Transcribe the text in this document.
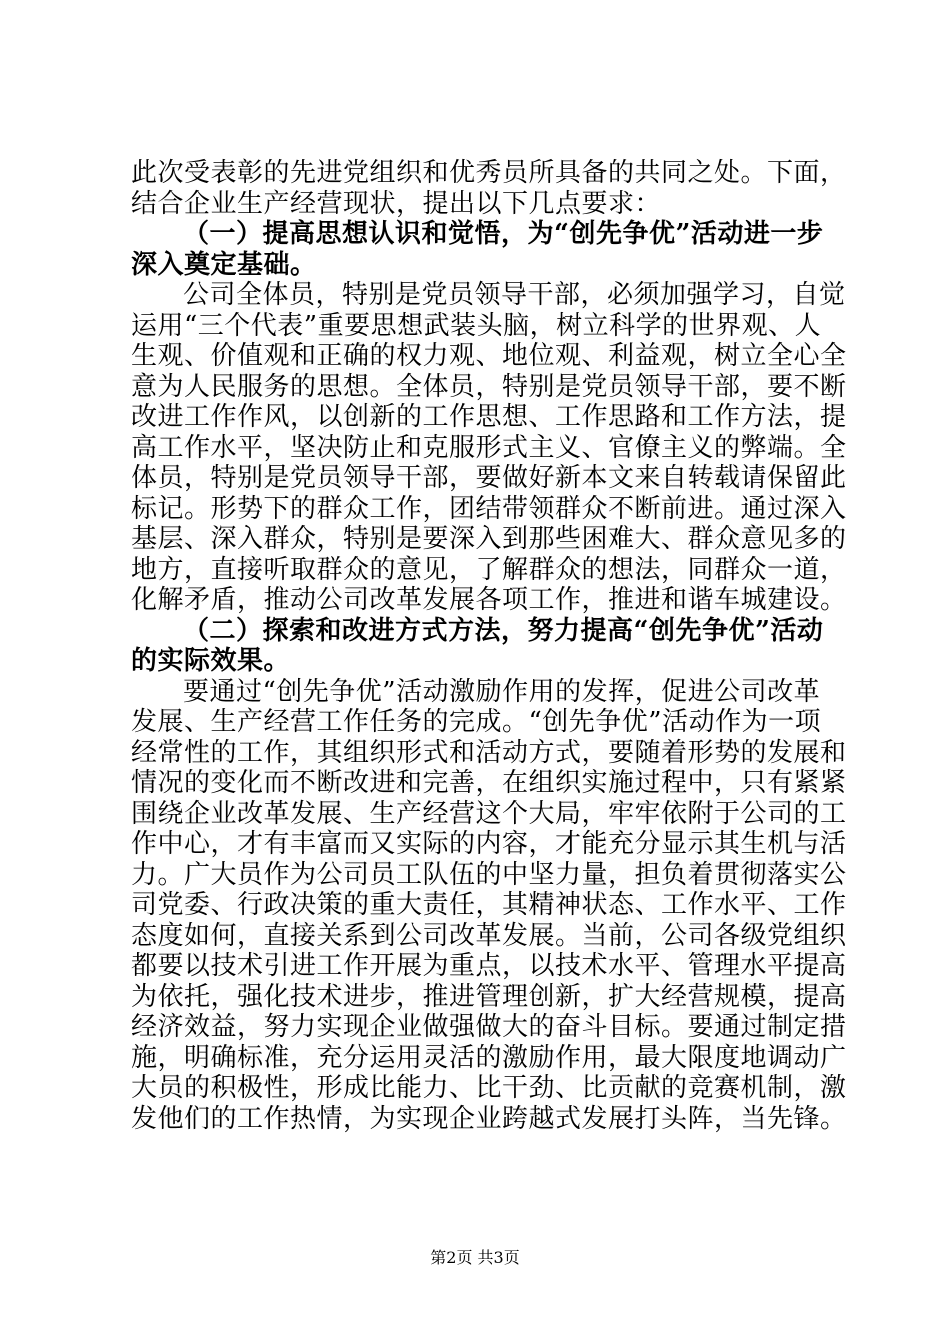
此次受表彰的先进党组织和优秀员所具备的共同之处。下面，
结合企业生产经营现状，提出以下几点要求：
（一）提高思想认识和觉悟，为“创先争优”活动进一步
深入奠定基础。
公司全体员，特别是党员领导干部，必须加强学习，自觉
运用“三个代表”重要思想武装头脑，树立科学的世界观、人
生观、价值观和正确的权力观、地位观、利益观，树立全心全
意为人民服务的思想。全体员，特别是党员领导干部，要不断
改进工作作风，以创新的工作思想、工作思路和工作方法，提
高工作水平，坚决防止和克服形式主义、官僚主义的弊端。全
体员，特别是党员领导干部，要做好新本文来自转载请保留此
标记。形势下的群众工作，团结带领群众不断前进。通过深入
基层、深入群众，特别是要深入到那些困难大、群众意见多的
地方，直接听取群众的意见，了解群众的想法，同群众一道，
化解矛盾，推动公司改革发展各项工作，推进和谐车城建设。
（二）探索和改进方式方法，努力提高“创先争优”活动
的实际效果。
要通过“创先争优”活动激励作用的发挥，促进公司改革
发展、生产经营工作任务的完成。“创先争优”活动作为一项
经常性的工作，其组织形式和活动方式，要随着形势的发展和
情况的变化而不断改进和完善，在组织实施过程中，只有紧紧
围绕企业改革发展、生产经营这个大局，牢牢依附于公司的工
作中心，才有丰富而又实际的内容，才能充分显示其生机与活
力。广大员作为公司员工队伍的中坚力量，担负着贯彻落实公
司党委、行政决策的重大责任，其精神状态、工作水平、工作
态度如何，直接关系到公司改革发展。当前，公司各级党组织
都要以技术引进工作开展为重点，以技术水平、管理水平提高
为依托，强化技术进步，推进管理创新，扩大经营规模，提高
经济效益，努力实现企业做强做大的奋斗目标。要通过制定措
施，明确标准，充分运用灵活的激励作用，最大限度地调动广
大员的积极性，形成比能力、比干劲、比贡献的竞赛机制，激
发他们的工作热情，为实现企业跨越式发展打头阵，当先锋。
第2页 共3页
